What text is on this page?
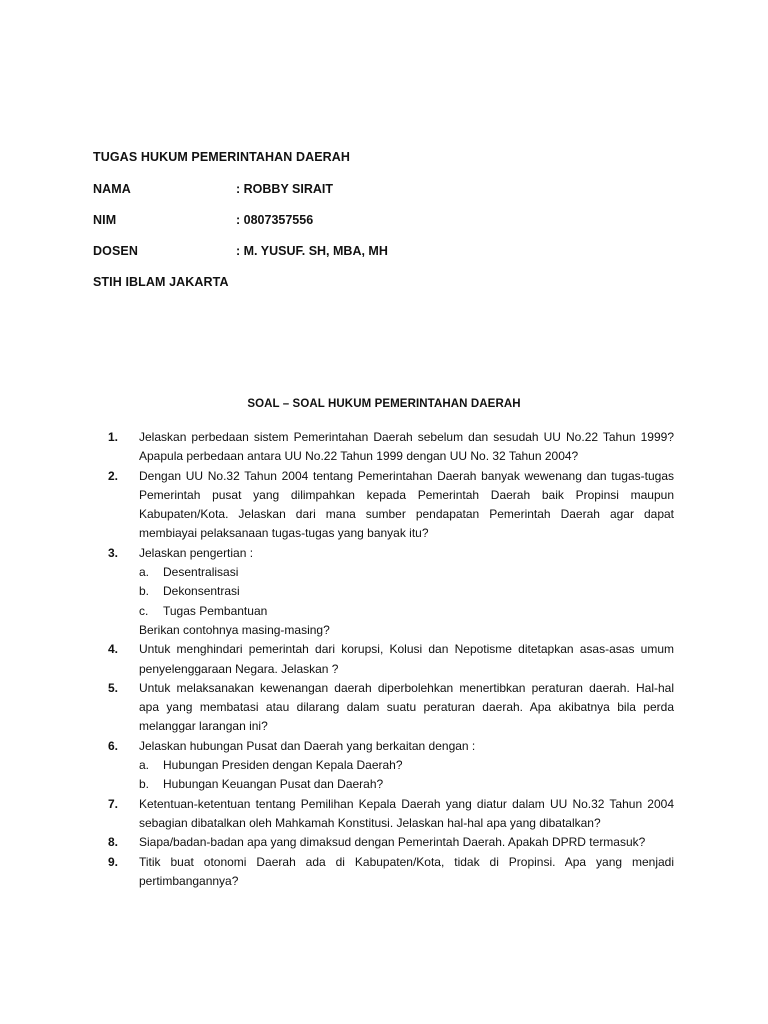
TUGAS HUKUM PEMERINTAHAN DAERAH
NAMA	: ROBBY SIRAIT
NIM	: 0807357556
DOSEN	: M. YUSUF. SH, MBA, MH
STIH IBLAM JAKARTA
SOAL – SOAL HUKUM PEMERINTAHAN DAERAH
1. Jelaskan perbedaan sistem Pemerintahan Daerah sebelum dan sesudah UU No.22 Tahun 1999? Apapula perbedaan antara UU No.22 Tahun 1999 dengan UU No. 32 Tahun 2004?
2. Dengan UU No.32 Tahun 2004 tentang Pemerintahan Daerah banyak wewenang dan tugas-tugas Pemerintah pusat yang dilimpahkan kepada Pemerintah Daerah baik Propinsi maupun Kabupaten/Kota. Jelaskan dari mana sumber pendapatan Pemerintah Daerah agar dapat membiayai pelaksanaan tugas-tugas yang banyak itu?
3. Jelaskan pengertian :
a. Desentralisasi
b. Dekonsentrasi
c. Tugas Pembantuan
Berikan contohnya masing-masing?
4. Untuk menghindari pemerintah dari korupsi, Kolusi dan Nepotisme ditetapkan asas-asas umum penyelenggaraan Negara. Jelaskan ?
5. Untuk melaksanakan kewenangan daerah diperbolehkan menertibkan peraturan daerah. Hal-hal apa yang membatasi atau dilarang dalam suatu peraturan daerah. Apa akibatnya bila perda melanggar larangan ini?
6. Jelaskan hubungan Pusat dan Daerah yang berkaitan dengan :
a. Hubungan Presiden dengan Kepala Daerah?
b. Hubungan Keuangan Pusat dan Daerah?
7. Ketentuan-ketentuan tentang Pemilihan Kepala Daerah yang diatur dalam UU No.32 Tahun 2004 sebagian dibatalkan oleh Mahkamah Konstitusi. Jelaskan hal-hal apa yang dibatalkan?
8. Siapa/badan-badan apa yang dimaksud dengan Pemerintah Daerah. Apakah DPRD termasuk?
9. Titik buat otonomi Daerah ada di Kabupaten/Kota, tidak di Propinsi. Apa yang menjadi pertimbangannya?
